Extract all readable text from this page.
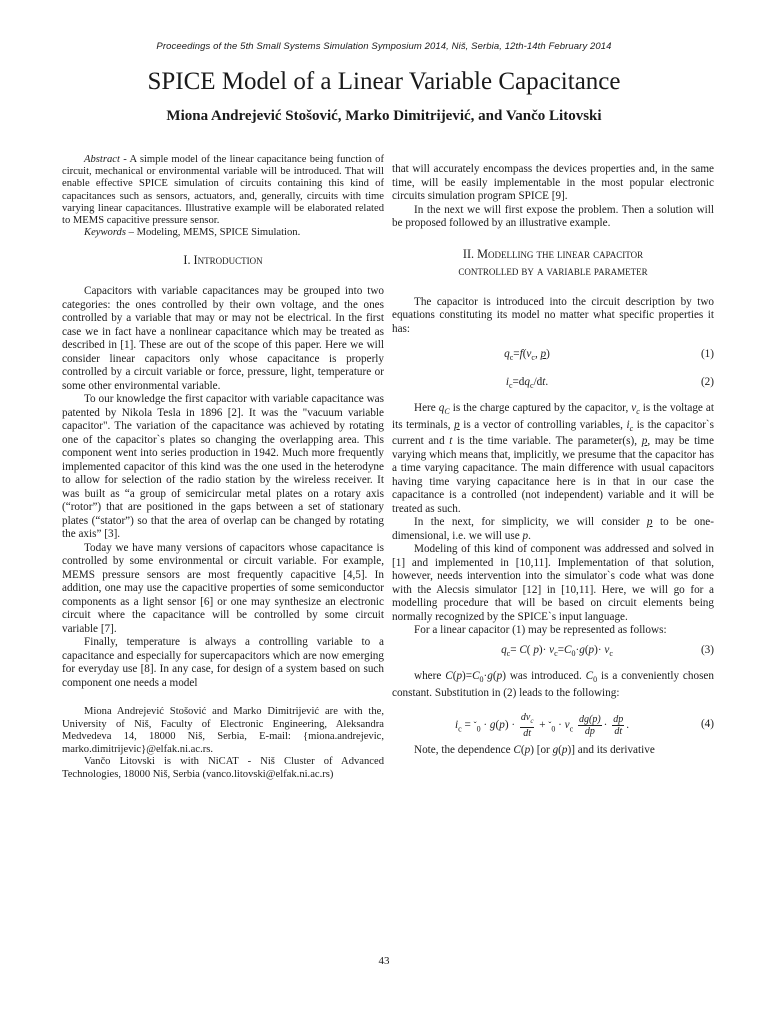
Proceedings of the 5th Small Systems Simulation Symposium 2014, Niš, Serbia, 12th-14th February 2014
SPICE Model of a Linear Variable Capacitance
Miona Andrejević Stošović, Marko Dimitrijević, and Vančo Litovski

Abstract - A simple model of the linear capacitance being function of circuit, mechanical or environmental variable will be introduced. That will enable effective SPICE simulation of circuits containing this kind of capacitances such as sensors, actuators, and, generally, circuits with time varying linear capacitances. Illustrative example will be elaborated related to MEMS capacitive pressure sensor.

Keywords – Modeling, MEMS, SPICE Simulation.

I. Introduction

Capacitors with variable capacitances may be grouped into two categories: the ones controlled by their own voltage, and the ones controlled by a variable that may or may not be electrical. In the first case we in fact have a nonlinear capacitance which may be treated as described in [1]. These are out of the scope of this paper. Here we will consider linear capacitors only whose capacitance is properly controlled by a circuit variable or force, pressure, light, temperature or some other environmental variable.

To our knowledge the first capacitor with variable capacitance was patented by Nikola Tesla in 1896 [2]. It was the "vacuum variable capacitor". The variation of the capacitance was achieved by rotating one of the capacitor`s plates so changing the overlapping area. This component went into series production in 1942. Much more frequently implemented capacitor of this kind was the one used in the heterodyne to allow for selection of the radio station by the wireless receiver. It was built as “a group of semicircular metal plates on a rotary axis (“rotor”) that are positioned in the gaps between a set of stationary plates (“stator”) so that the area of overlap can be changed by rotating the axis” [3].

Today we have many versions of capacitors whose capacitance is controlled by some environmental or circuit variable. For example, MEMS pressure sensors are most frequently capacitive [4,5]. In addition, one may use the capacitive properties of some semiconductor components as a light sensor [6] or one may synthesize an electronic circuit where the capacitance will be controlled by some circuit variable [7].

Finally, temperature is always a controlling variable to a capacitance and especially for supercapacitors which are now emerging for everyday use [8]. In any case, for design of a system based on such component one needs a model

Miona Andrejević Stošović and Marko Dimitrijević are with the, University of Niš, Faculty of Electronic Engineering, Aleksandra Medvedeva 14, 18000 Niš, Serbia, E-mail: {miona.andrejevic, marko.dimitrijevic}@elfak.ni.ac.rs.

Vančo Litovski is with NiCAT - Niš Cluster of Advanced Technologies, 18000 Niš, Serbia (vanco.litovski@elfak.ni.ac.rs)

that will accurately encompass the devices properties and, in the same time, will be easily implementable in the most popular electronic circuits simulation program SPICE [9].

In the next we will first expose the problem. Then a solution will be proposed followed by an illustrative example.

II. Modelling the linear capacitor
controlled by a variable parameter

The capacitor is introduced into the circuit description by two equations constituting its model no matter what specific properties it has:

$q_c=f(v_c$, p)	(1)
$i_c=dq_c/dt$.	(2)

Here $q_C$ is the charge captured by the capacitor, $v_c$ is the voltage at its terminals, p is a vector of controlling variables, $i_c$ is the capacitor`s current and t is the time variable. The parameter(s), p, may be time varying which means that, implicitly, we presume that the capacitor has a time varying capacitance. The main difference with usual capacitors having time varying capacitance here is in that in our case the capacitance is a controlled (not independent) variable and it will be treated as such.

In the next, for simplicity, we will consider p to be one-dimensional, i.e. we will use p.

Modeling of this kind of component was addressed and solved in [1] and implemented in [10,11]. Implementation of that solution, however, needs intervention into the simulator`s code what was done with the Alecsis simulator [12] in [10,11]. Here, we will go for a modelling procedure that will be based on circuit elements being normally recognized by the SPICE`s input language.

For a linear capacitor (1) may be represented as follows:

$q_c= C$( $p)\cdot v_c=C_0\cdot g(p)\cdot v_c$	(3)

where $C(p)=C_0\cdot g(p)$ was introduced. $C_0$ is a conveniently chosen constant. Substitution in (2) leads to the following:

$i_c$ = ˇ$_0$ · $g(p) \cdot \frac{dv_c}{dt}$ + ˇ$_0$ · $v_c \frac{dg(p)}{dp} \cdot \frac{dp}{dt}$ .	(4)

Note, the dependence C(p) [or g(p)] and its derivative

43
